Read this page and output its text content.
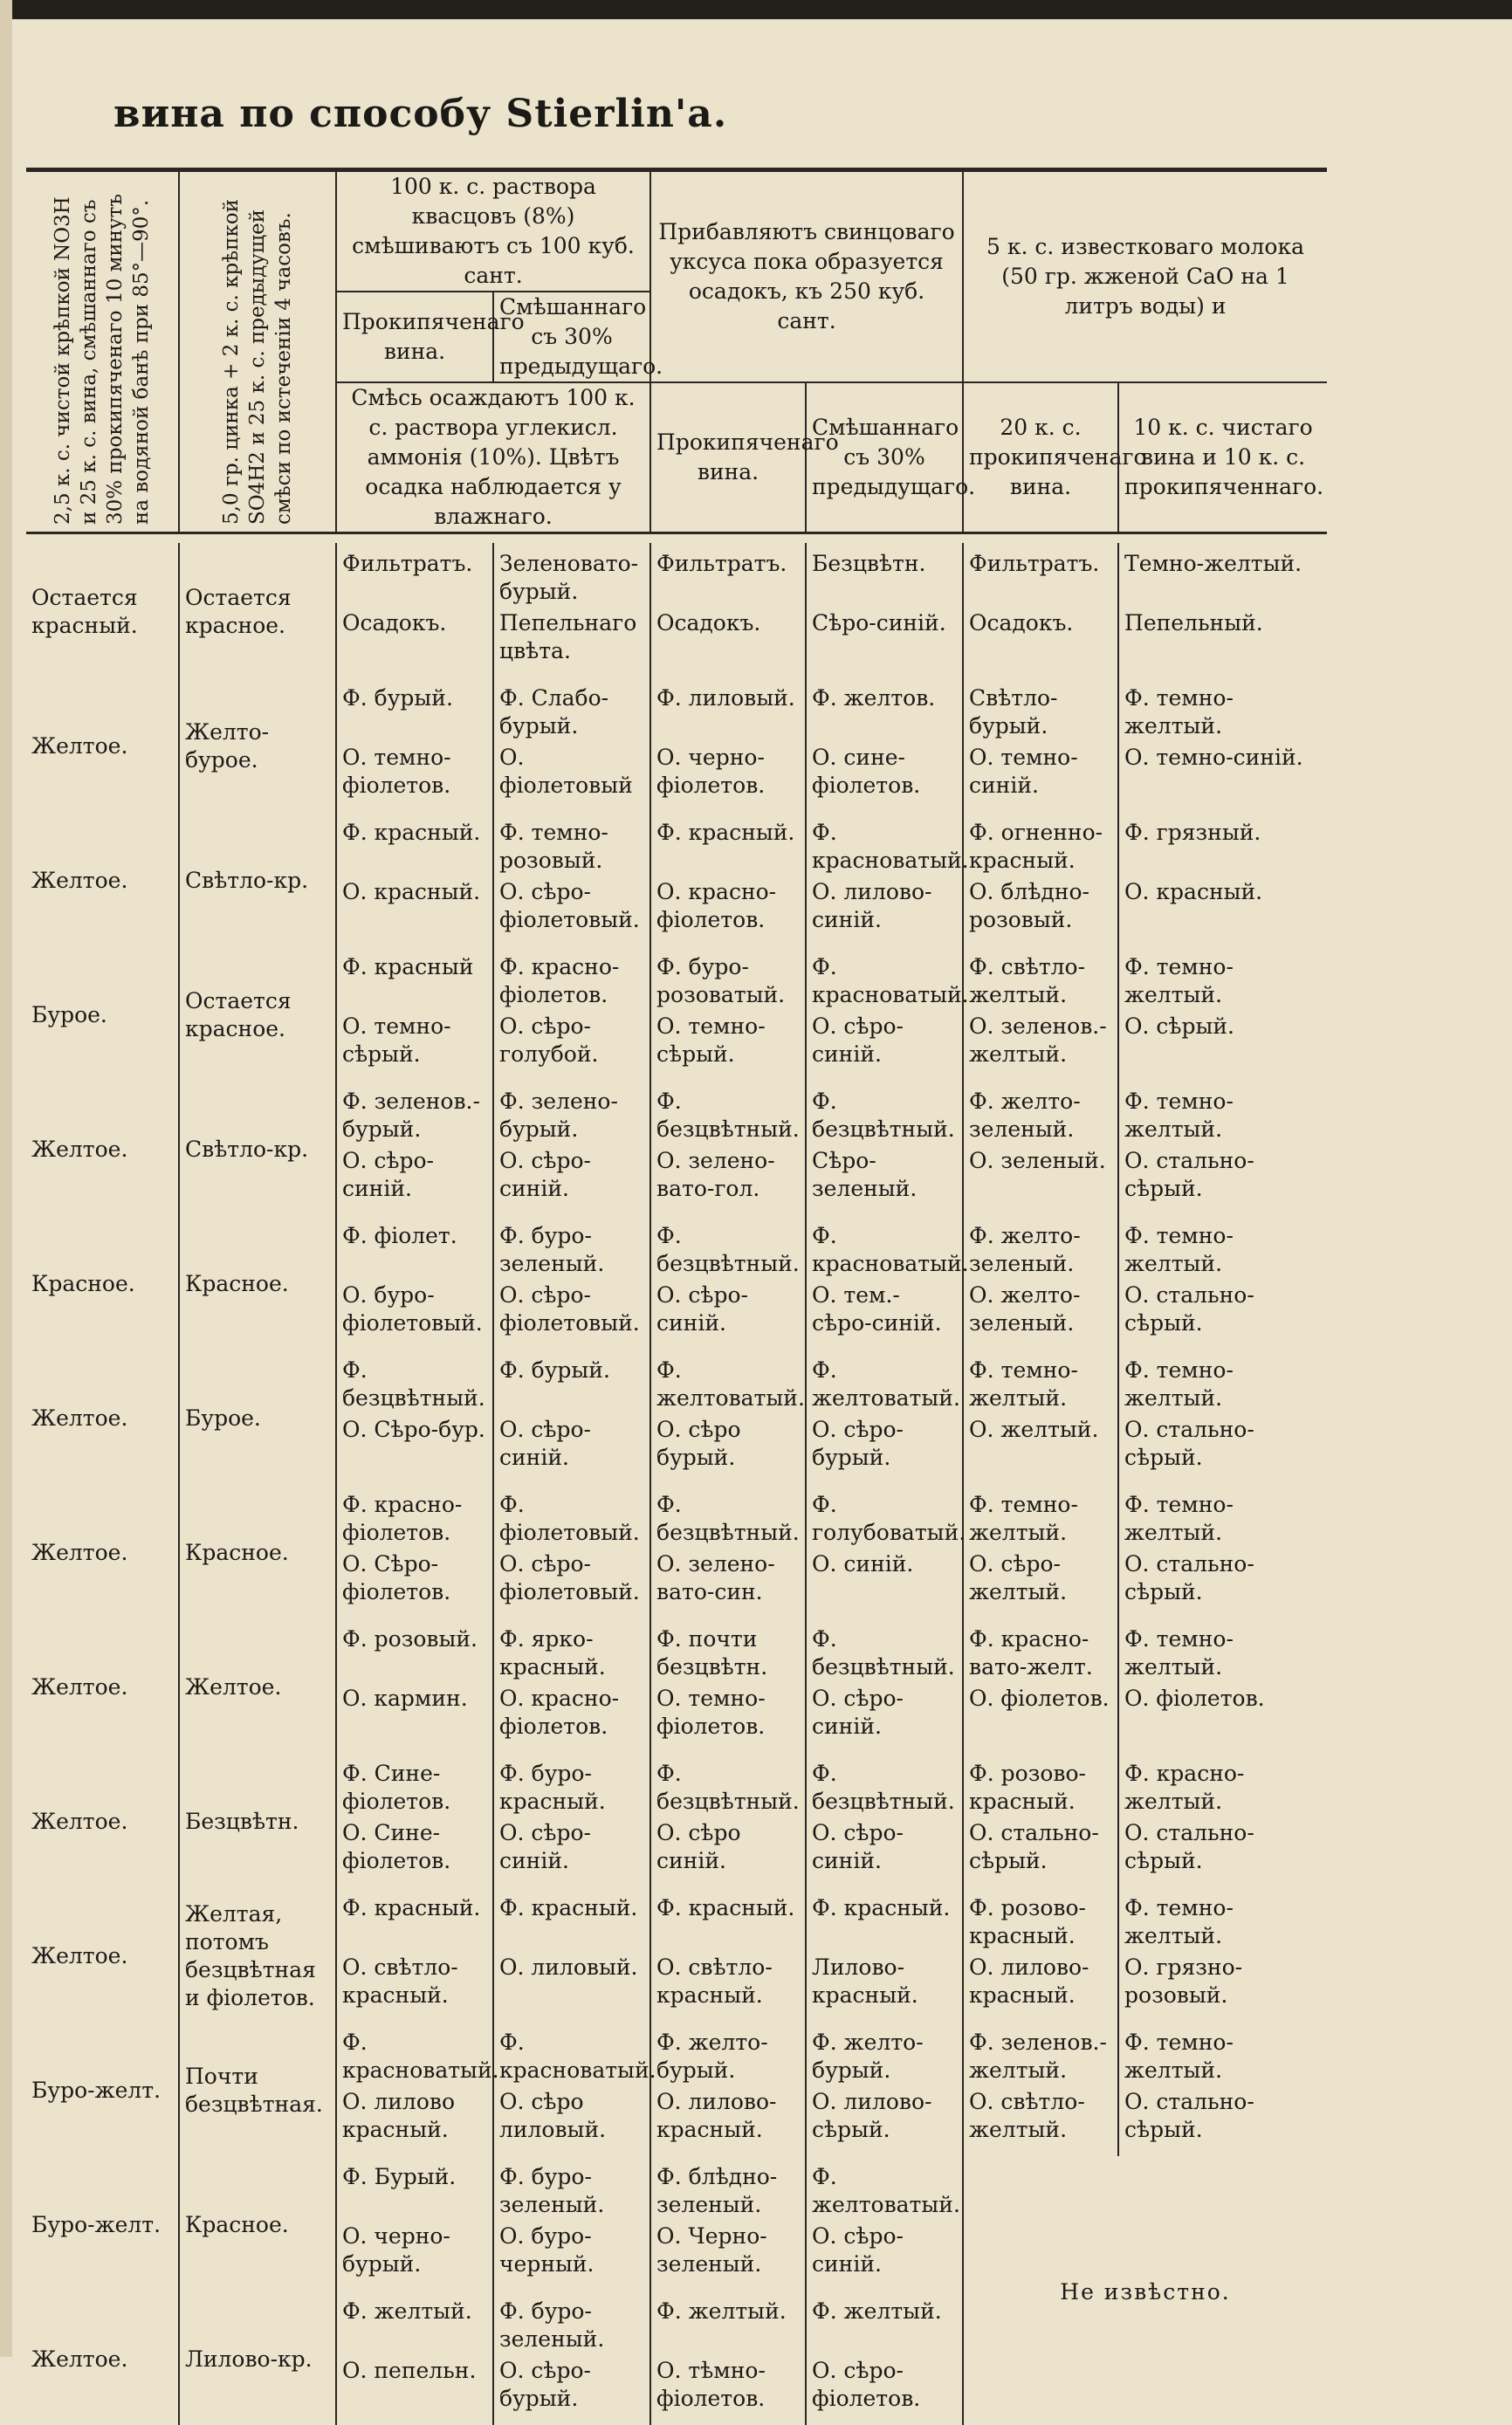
вина по способу Stierlin'a.
2,5 к. с. чистой крѣпкой NO3H и 25 к. с. вина, смѣшаннаго съ 30% прокипяченаго 10 минутъ на водяной банѣ при 85°—90°.	5,0 гр. цинка + 2 к. с. крѣпкой SO4H2 и 25 к. с. предыдущей смѣси по истеченіи 4 часовъ.	100 к. с. раствора квасцовъ (8%) смѣшиваютъ съ 100 куб. сант.		Прибавляютъ свинцоваго уксуса пока образуется осадокъ, къ 250 куб. сант.		5 к. с. известковаго молока (50 гр. жженой CaO на 1 литръ воды) и	
		Прокипяченаго вина.	Смѣшаннаго съ 30% предыдущаго.				
		Смѣсь осаждаютъ 100 к. с. раствора углекисл. аммонія (10%). Цвѣтъ осадка наблюдается у влажнаго.		Прокипяченаго вина.	Смѣшаннаго съ 30% предыдущаго.	20 к. с. прокипяченаго вина.	10 к. с. чистаго вина и 10 к. с. прокипяченнаго.

Остается красный.	Остается красное.	Фильтратъ.	Зеленовато-бурый.	Фильтратъ.	Безцвѣтн.	Фильтратъ.	Темно-желтый.
		Осадокъ.	Пепельнаго цвѣта.	Осадокъ.	Сѣро-синій.	Осадокъ.	Пепельный.
Желтое.	Желто-бурое.	Ф. бурый.	Ф. Слабо-бурый.	Ф. лиловый.	Ф. желтов.	Свѣтло-бурый.	Ф. темно-желтый.
		О. темно-фіолетов.	О. фіолетовый	О. черно-фіолетов.	О. сине-фіолетов.	О. темно-синій.	О. темно-синій.
Желтое.	Свѣтло-кр.	Ф. красный.	Ф. темно-розовый.	Ф. красный.	Ф. красноватый.	Ф. огненно-красный.	Ф. грязный.
		О. красный.	О. сѣро-фіолетовый.	О. красно-фіолетов.	О. лилово-синій.	О. блѣдно-розовый.	О. красный.
Бурое.	Остается красное.	Ф. красный	Ф. красно-фіолетов.	Ф. буро-розоватый.	Ф. красноватый.	Ф. свѣтло-желтый.	Ф. темно-желтый.
		О. темно-сѣрый.	О. сѣро-голубой.	О. темно-сѣрый.	О. сѣро-синій.	О. зеленов.-желтый.	О. сѣрый.
Желтое.	Свѣтло-кр.	Ф. зеленов.-бурый.	Ф. зелено-бурый.	Ф. безцвѣтный.	Ф. безцвѣтный.	Ф. желто-зеленый.	Ф. темно-желтый.
		О. сѣро-синій.	О. сѣро-синій.	О. зелено-вато-гол.	Сѣро-зеленый.	О. зеленый.	О. стально-сѣрый.
Красное.	Красное.	Ф. фіолет.	Ф. буро-зеленый.	Ф. безцвѣтный.	Ф. красноватый.	Ф. желто-зеленый.	Ф. темно-желтый.
		О. буро-фіолетовый.	О. сѣро-фіолетовый.	О. сѣро-синій.	О. тем.-сѣро-синій.	О. желто-зеленый.	О. стально-сѣрый.
Желтое.	Бурое.	Ф. безцвѣтный.	Ф. бурый.	Ф. желтоватый.	Ф. желтоватый.	Ф. темно-желтый.	Ф. темно-желтый.
		О. Сѣро-бур.	О. сѣро-синій.	О. сѣро бурый.	О. сѣро-бурый.	О. желтый.	О. стально-сѣрый.
Желтое.	Красное.	Ф. красно-фіолетов.	Ф. фіолетовый.	Ф. безцвѣтный.	Ф. голубоватый.	Ф. темно-желтый.	Ф. темно-желтый.
		О. Сѣро-фіолетов.	О. сѣро-фіолетовый.	О. зелено-вато-син.	О. синій.	О. сѣро-желтый.	О. стально-сѣрый.
Желтое.	Желтое.	Ф. розовый.	Ф. ярко-красный.	Ф. почти безцвѣтн.	Ф. безцвѣтный.	Ф. красно-вато-желт.	Ф. темно-желтый.
		О. кармин.	О. красно-фіолетов.	О. темно-фіолетов.	О. сѣро-синій.	О. фіолетов.	О. фіолетов.
Желтое.	Безцвѣтн.	Ф. Сине-фіолетов.	Ф. буро-красный.	Ф. безцвѣтный.	Ф. безцвѣтный.	Ф. розово-красный.	Ф. красно-желтый.
		О. Сине-фіолетов.	О. сѣро-синій.	О. сѣро синій.	О. сѣро-синій.	О. стально-сѣрый.	О. стально-сѣрый.
Желтое.	Желтая, потомъ безцвѣтная и фіолетов.	Ф. красный.	Ф. красный.	Ф. красный.	Ф. красный.	Ф. розово-красный.	Ф. темно-желтый.
		О. свѣтло-красный.	О. лиловый.	О. свѣтло-красный.	Лилово-красный.	О. лилово-красный.	О. грязно-розовый.
Буро-желт.	Почти безцвѣтная.	Ф. красноватый.	Ф. красноватый.	Ф. желто-бурый.	Ф. желто-бурый.	Ф. зеленов.-желтый.	Ф. темно-желтый.
		О. лилово красный.	О. сѣро лиловый.	О. лилово-красный.	О. лилово-сѣрый.	О. свѣтло-желтый.	О. стально-сѣрый.
Буро-желт.	Красное.	Ф. Бурый.	Ф. буро-зеленый.	Ф. блѣдно-зеленый.	Ф. желтоватый.	Не извѣстно.	
		О. черно-бурый.	О. буро-черный.	О. Черно-зеленый.	О. сѣро-синій.		
Желтое.	Лилово-кр.	Ф. желтый.	Ф. буро-зеленый.	Ф. желтый.	Ф. желтый.		
		О. пепельн.	О. сѣро-бурый.	О. тѣмно-фіолетов.	О. сѣро-фіолетов.		
